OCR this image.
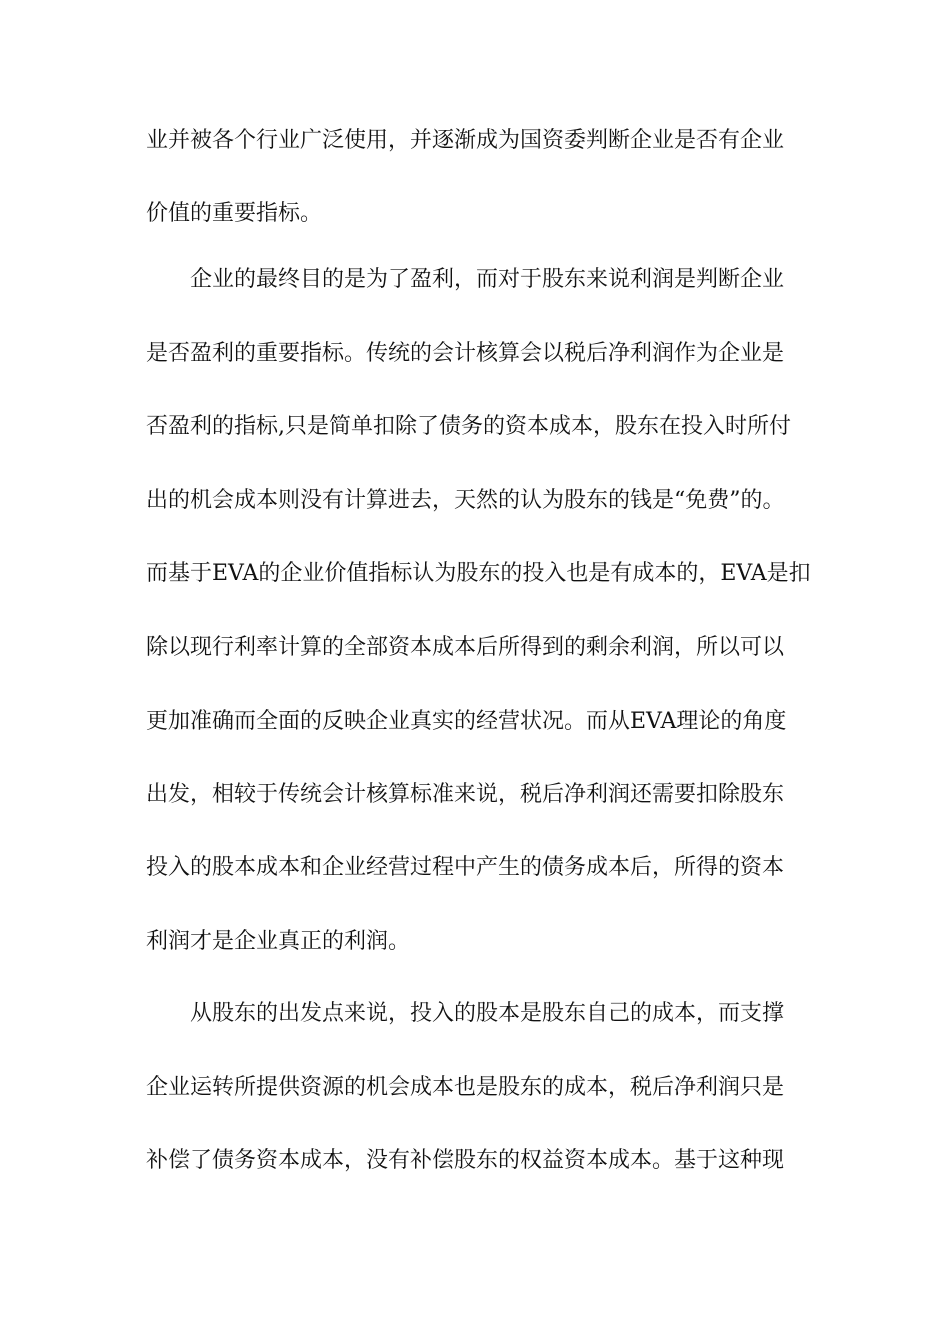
业并被各个行业广泛使用，并逐渐成为国资委判断企业是否有企业
价值的重要指标。
企业的最终目的是为了盈利，而对于股东来说利润是判断企业
是否盈利的重要指标。传统的会计核算会以税后净利润作为企业是
否盈利的指标,只是简单扣除了债务的资本成本，股东在投入时所付
出的机会成本则没有计算进去，天然的认为股东的钱是“免费”的。
而基于EVA的企业价值指标认为股东的投入也是有成本的，EVA是扣
除以现行利率计算的全部资本成本后所得到的剩余利润，所以可以
更加准确而全面的反映企业真实的经营状况。而从EVA理论的角度
出发，相较于传统会计核算标准来说，税后净利润还需要扣除股东
投入的股本成本和企业经营过程中产生的债务成本后，所得的资本
利润才是企业真正的利润。
从股东的出发点来说，投入的股本是股东自己的成本，而支撑
企业运转所提供资源的机会成本也是股东的成本，税后净利润只是
补偿了债务资本成本，没有补偿股东的权益资本成本。基于这种现
